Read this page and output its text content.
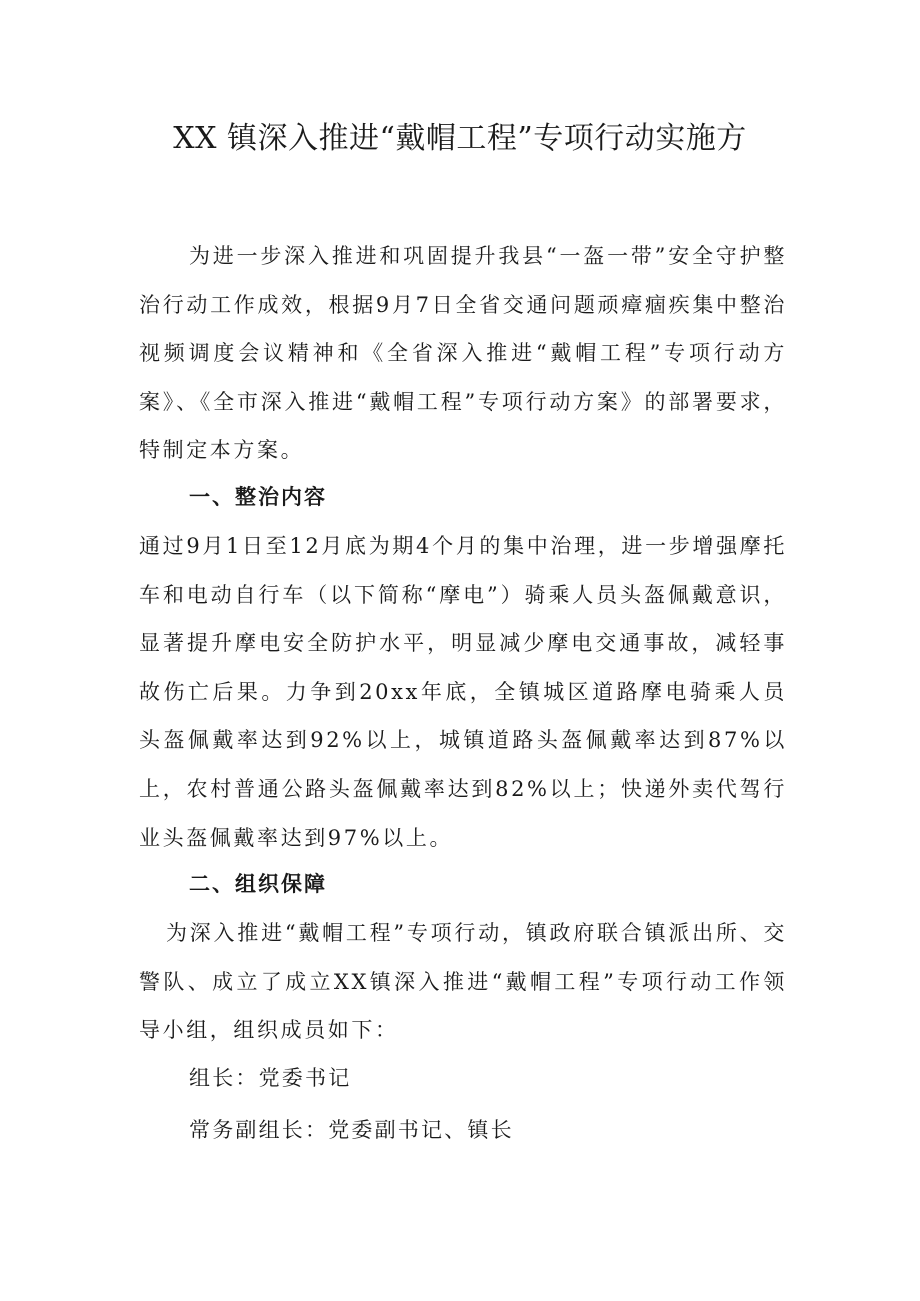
XX 镇深入推进“戴帽工程”专项行动实施方

为进一步深入推进和巩固提升我县“一盔一带”安全守护整治行动工作成效，根据9月7日全省交通问题顽瘴痼疾集中整治视频调度会议精神和《全省深入推进“戴帽工程”专项行动方案》、《全市深入推进“戴帽工程”专项行动方案》的部署要求，特制定本方案。

一、整治内容

通过9月1日至12月底为期4个月的集中治理，进一步增强摩托车和电动自行车（以下简称“摩电”）骑乘人员头盔佩戴意识，显著提升摩电安全防护水平，明显减少摩电交通事故，减轻事故伤亡后果。力争到20xx年底，全镇城区道路摩电骑乘人员头盔佩戴率达到92%以上，城镇道路头盔佩戴率达到87%以上，农村普通公路头盔佩戴率达到82%以上；快递外卖代驾行业头盔佩戴率达到97%以上。

二、组织保障

为深入推进“戴帽工程”专项行动，镇政府联合镇派出所、交警队、成立了成立XX镇深入推进“戴帽工程”专项行动工作领导小组，组织成员如下：

组长：党委书记
常务副组长：党委副书记、镇长
